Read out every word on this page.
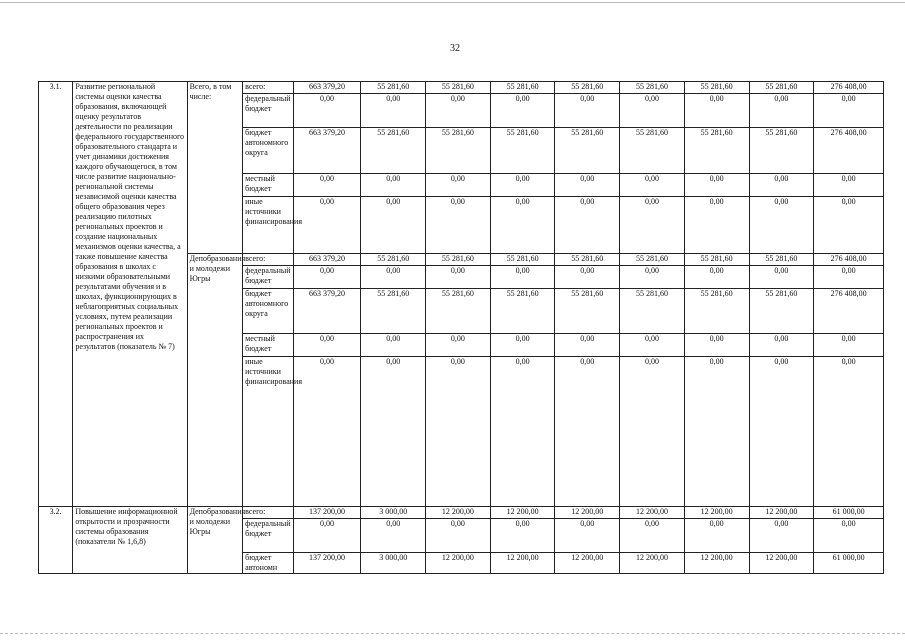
32
3.1.	Развитие региональной системы оценки качества образования, включающей оценку результатов деятельности по реализации федерального государственного образовательного стандарта и учет динамики достижения каждого обучающегося, в том числе развитие национально-региональной системы независимой оценки качества общего образования через реализацию пилотных региональных проектов и создание национальных механизмов оценки качества, а также повышение качества образования в школах с низкими образовательными результатами обучения и в школах, функционирующих в неблагоприятных социальных условиях, путем реализации региональных проектов и распространения их результатов (показатель № 7)	Всего, в том числе:	всего:	663 379,20	55 281,60	55 281,60	55 281,60	55 281,60	55 281,60	55 281,60	55 281,60	276 408,00
			федеральный бюджет	0,00	0,00	0,00	0,00	0,00	0,00	0,00	0,00	0,00
			бюджет автономного округа	663 379,20	55 281,60	55 281,60	55 281,60	55 281,60	55 281,60	55 281,60	55 281,60	276 408,00
			местный бюджет	0,00	0,00	0,00	0,00	0,00	0,00	0,00	0,00	0,00
			иные источники финансирования	0,00	0,00	0,00	0,00	0,00	0,00	0,00	0,00	0,00
		Депобразования и молодежи Югры	всего:	663 379,20	55 281,60	55 281,60	55 281,60	55 281,60	55 281,60	55 281,60	55 281,60	276 408,00
			федеральный бюджет	0,00	0,00	0,00	0,00	0,00	0,00	0,00	0,00	0,00
			бюджет автономного округа	663 379,20	55 281,60	55 281,60	55 281,60	55 281,60	55 281,60	55 281,60	55 281,60	276 408,00
			местный бюджет	0,00	0,00	0,00	0,00	0,00	0,00	0,00	0,00	0,00
			иные источники финансирования	0,00	0,00	0,00	0,00	0,00	0,00	0,00	0,00	0,00
3.2.	Повышение информационной открытости и прозрачности системы образования (показатели № 1,6,8)	Депобразования и молодежи Югры	всего:	137 200,00	3 000,00	12 200,00	12 200,00	12 200,00	12 200,00	12 200,00	12 200,00	61 000,00
			федеральный бюджет	0,00	0,00	0,00	0,00	0,00	0,00	0,00	0,00	0,00
			бюджет автономн	137 200,00	3 000,00	12 200,00	12 200,00	12 200,00	12 200,00	12 200,00	12 200,00	61 000,00
